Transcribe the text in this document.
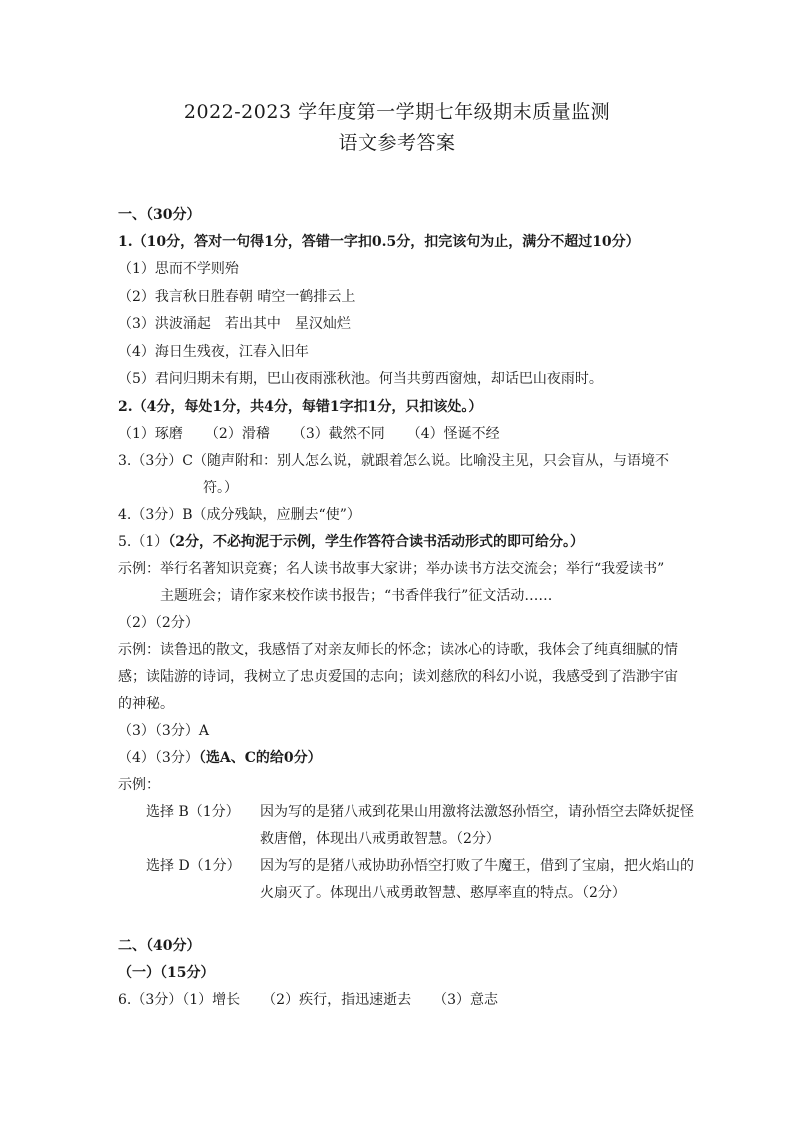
2022-2023 学年度第一学期七年级期末质量监测
语文参考答案
一、（30分）
1.（10分，答对一句得1分，答错一字扣0.5分，扣完该句为止，满分不超过10分）
（1）思而不学则殆
（2）我言秋日胜春朝 晴空一鹤排云上
（3）洪波涌起　若出其中　星汉灿烂
（4）海日生残夜，江春入旧年
（5）君问归期未有期，巴山夜雨涨秋池。何当共剪西窗烛，却话巴山夜雨时。
2.（4分，每处1分，共4分，每错1字扣1分，只扣该处。）
（1）琢磨 （2）滑稽 （3）截然不同 （4）怪诞不经
3.（3分）C（随声附和：别人怎么说，就跟着怎么说。比喻没主见，只会盲从，与语境不
符。）
4.（3分）B（成分残缺，应删去“使”）
5.（1）（2分，不必拘泥于示例，学生作答符合读书活动形式的即可给分。）
示例：举行名著知识竞赛；名人读书故事大家讲；举办读书方法交流会；举行“我爱读书”
主题班会；请作家来校作读书报告；“书香伴我行”征文活动……
（2）（2分）
示例：读鲁迅的散文，我感悟了对亲友师长的怀念；读冰心的诗歌，我体会了纯真细腻的情
感；读陆游的诗词，我树立了忠贞爱国的志向；读刘慈欣的科幻小说，我感受到了浩渺宇宙
的神秘。
（3）（3分）A
（4）（3分）（选A、C的给0分）
示例：
选择 B（1分） 因为写的是猪八戒到花果山用激将法激怒孙悟空，请孙悟空去降妖捉怪
救唐僧，体现出八戒勇敢智慧。（2分）
选择 D（1分） 因为写的是猪八戒协助孙悟空打败了牛魔王，借到了宝扇，把火焰山的
火扇灭了。体现出八戒勇敢智慧、憨厚率直的特点。（2分）
二、（40分）
（一）（15分）
6.（3分）（1）增长 （2）疾行，指迅速逝去 （3）意志
